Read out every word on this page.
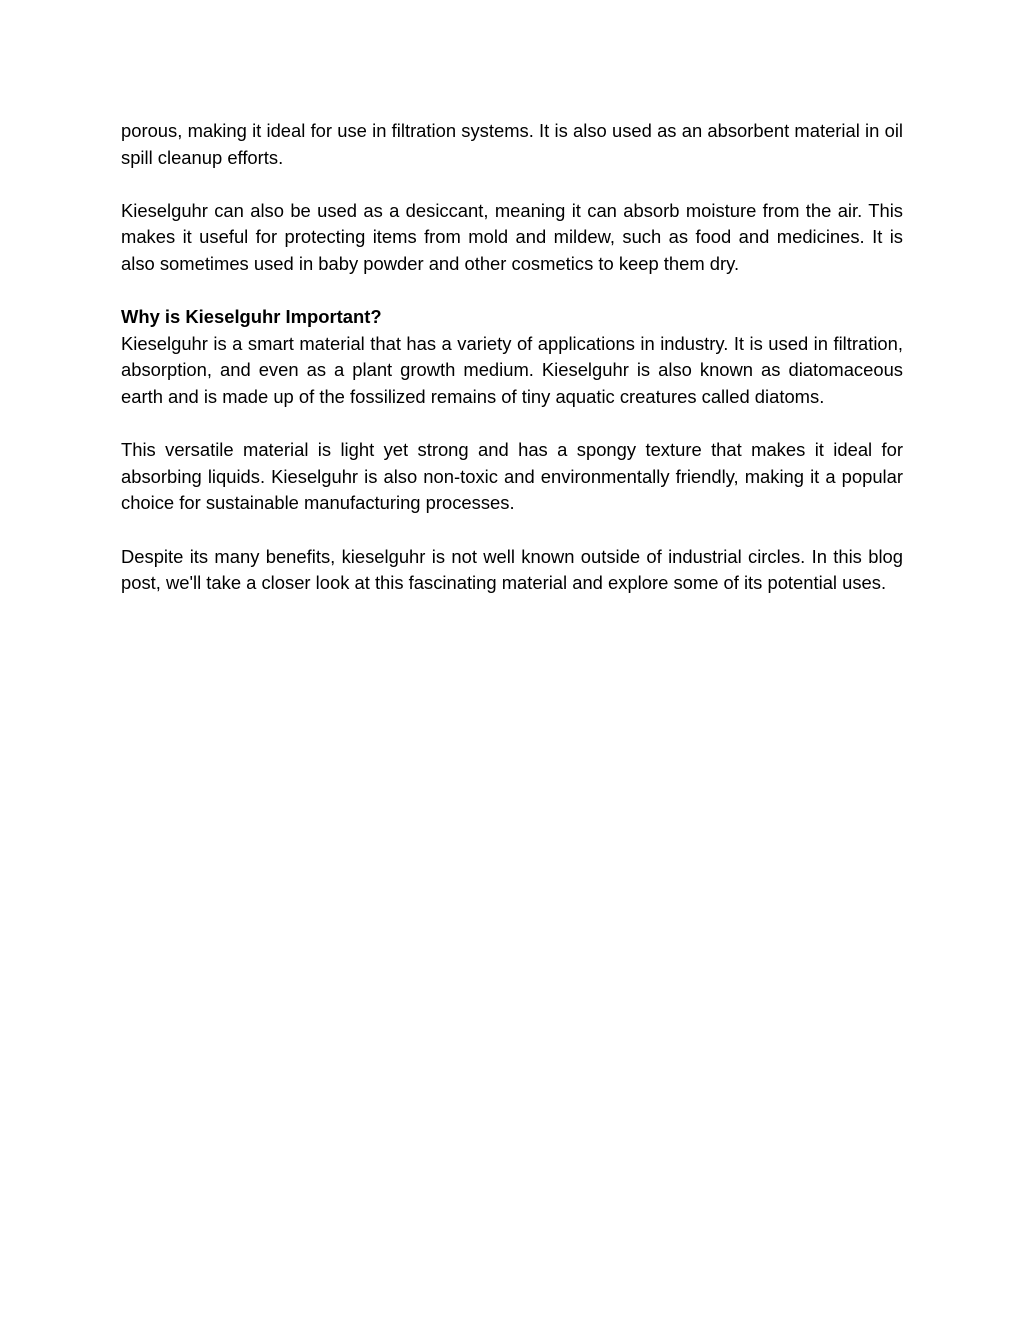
porous, making it ideal for use in filtration systems. It is also used as an absorbent material in oil spill cleanup efforts.

Kieselguhr can also be used as a desiccant, meaning it can absorb moisture from the air. This makes it useful for protecting items from mold and mildew, such as food and medicines. It is also sometimes used in baby powder and other cosmetics to keep them dry.

Why is Kieselguhr Important?

Kieselguhr is a smart material that has a variety of applications in industry. It is used in filtration, absorption, and even as a plant growth medium. Kieselguhr is also known as diatomaceous earth and is made up of the fossilized remains of tiny aquatic creatures called diatoms.

This versatile material is light yet strong and has a spongy texture that makes it ideal for absorbing liquids. Kieselguhr is also non-toxic and environmentally friendly, making it a popular choice for sustainable manufacturing processes.

Despite its many benefits, kieselguhr is not well known outside of industrial circles. In this blog post, we'll take a closer look at this fascinating material and explore some of its potential uses.
